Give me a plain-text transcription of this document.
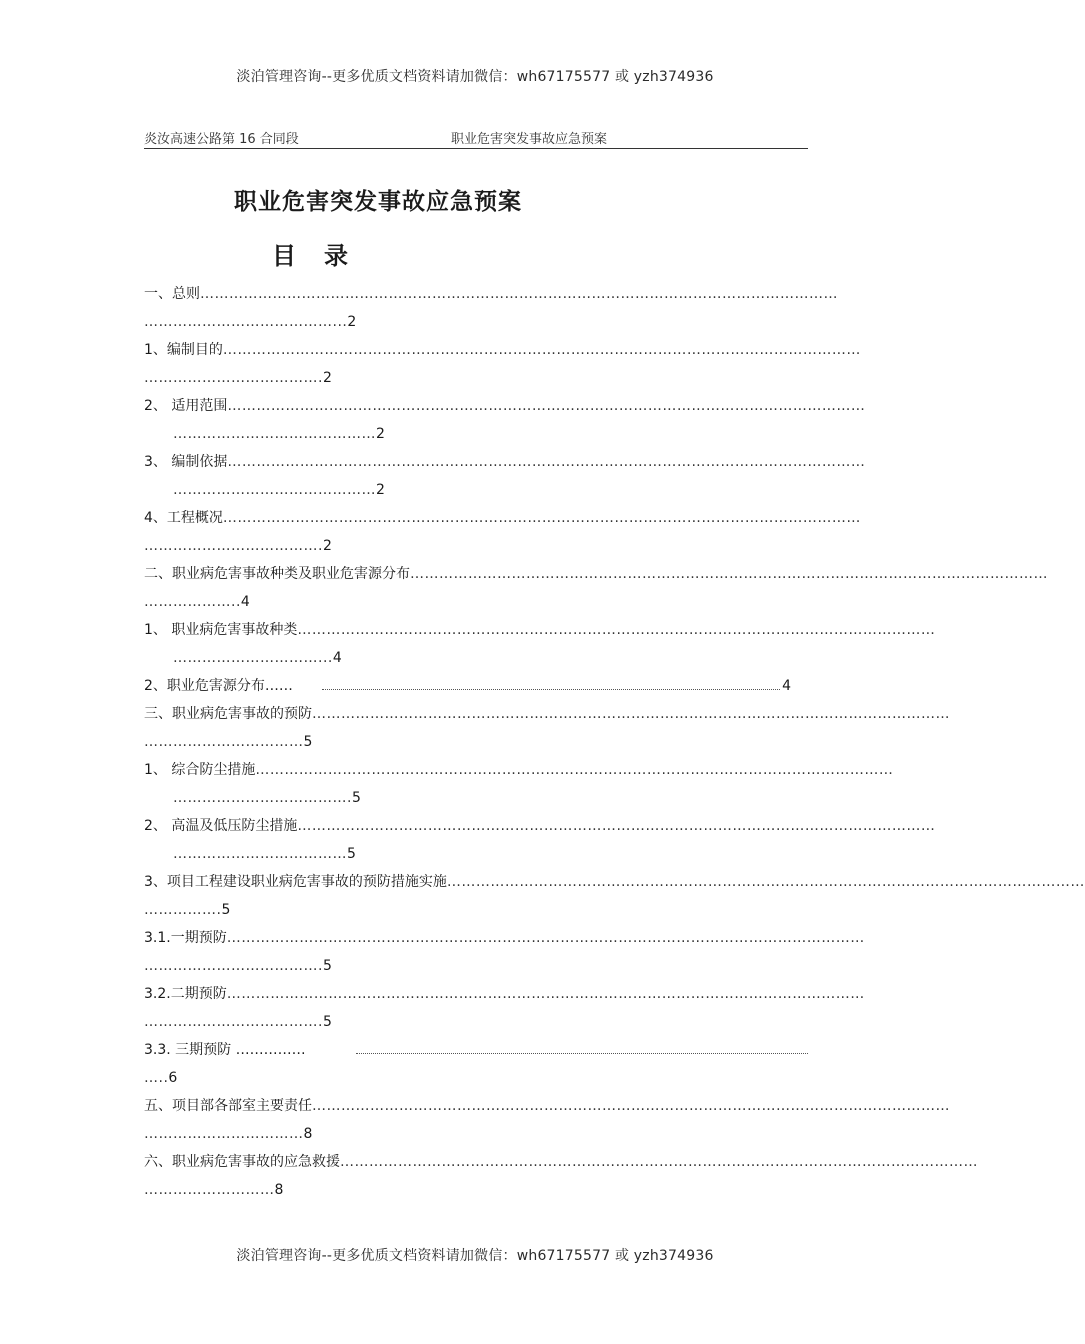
淡泊管理咨询--更多优质文档资料请加微信：wh67175577 或 yzh374936
炎汝高速公路第 16 合同段	职业危害突发事故应急预案
职业危害突发事故应急预案
目录
一、总则……………………………………………………………………………………………………………………
…………………………………...2
1、编制目的……………………………………………………………………………………………………………………
……………………………….2
2、 适用范围……………………………………………………………………………………………………………………
……………………………………2
3、 编制依据……………………………………………………………………………………………………………………
……………………………………2
4、工程概况……………………………………………………………………………………………………………………
……………………………….2
二、职业病危害事故种类及职业危害源分布……………………………………………………………………………………………………………………
………………..4
1、 职业病危害事故种类……………………………………………………………………………………………………………………
…………………………...4
2、职业危害源分布……	4
三、职业病危害事故的预防……………………………………………………………………………………………………………………
……………………………5
1、 综合防尘措施……………………………………………………………………………………………………………………
……………………………….5
2、 高温及低压防尘措施……………………………………………………………………………………………………………………
………………………………5
3、项目工程建设职业病危害事故的预防措施实施……………………………………………………………………………………………………………………
…………….5
3.1.一期预防……………………………………………………………………………………………………………………
……………………………….5
3.2.二期预防……………………………………………………………………………………………………………………
……………………………….5
3.3. 三期预防 ……………
…..6
五、项目部各部室主要责任……………………………………………………………………………………………………………………
……………………………8
六、职业病危害事故的应急救援……………………………………………………………………………………………………………………
………………………8
淡泊管理咨询--更多优质文档资料请加微信：wh67175577 或 yzh374936
